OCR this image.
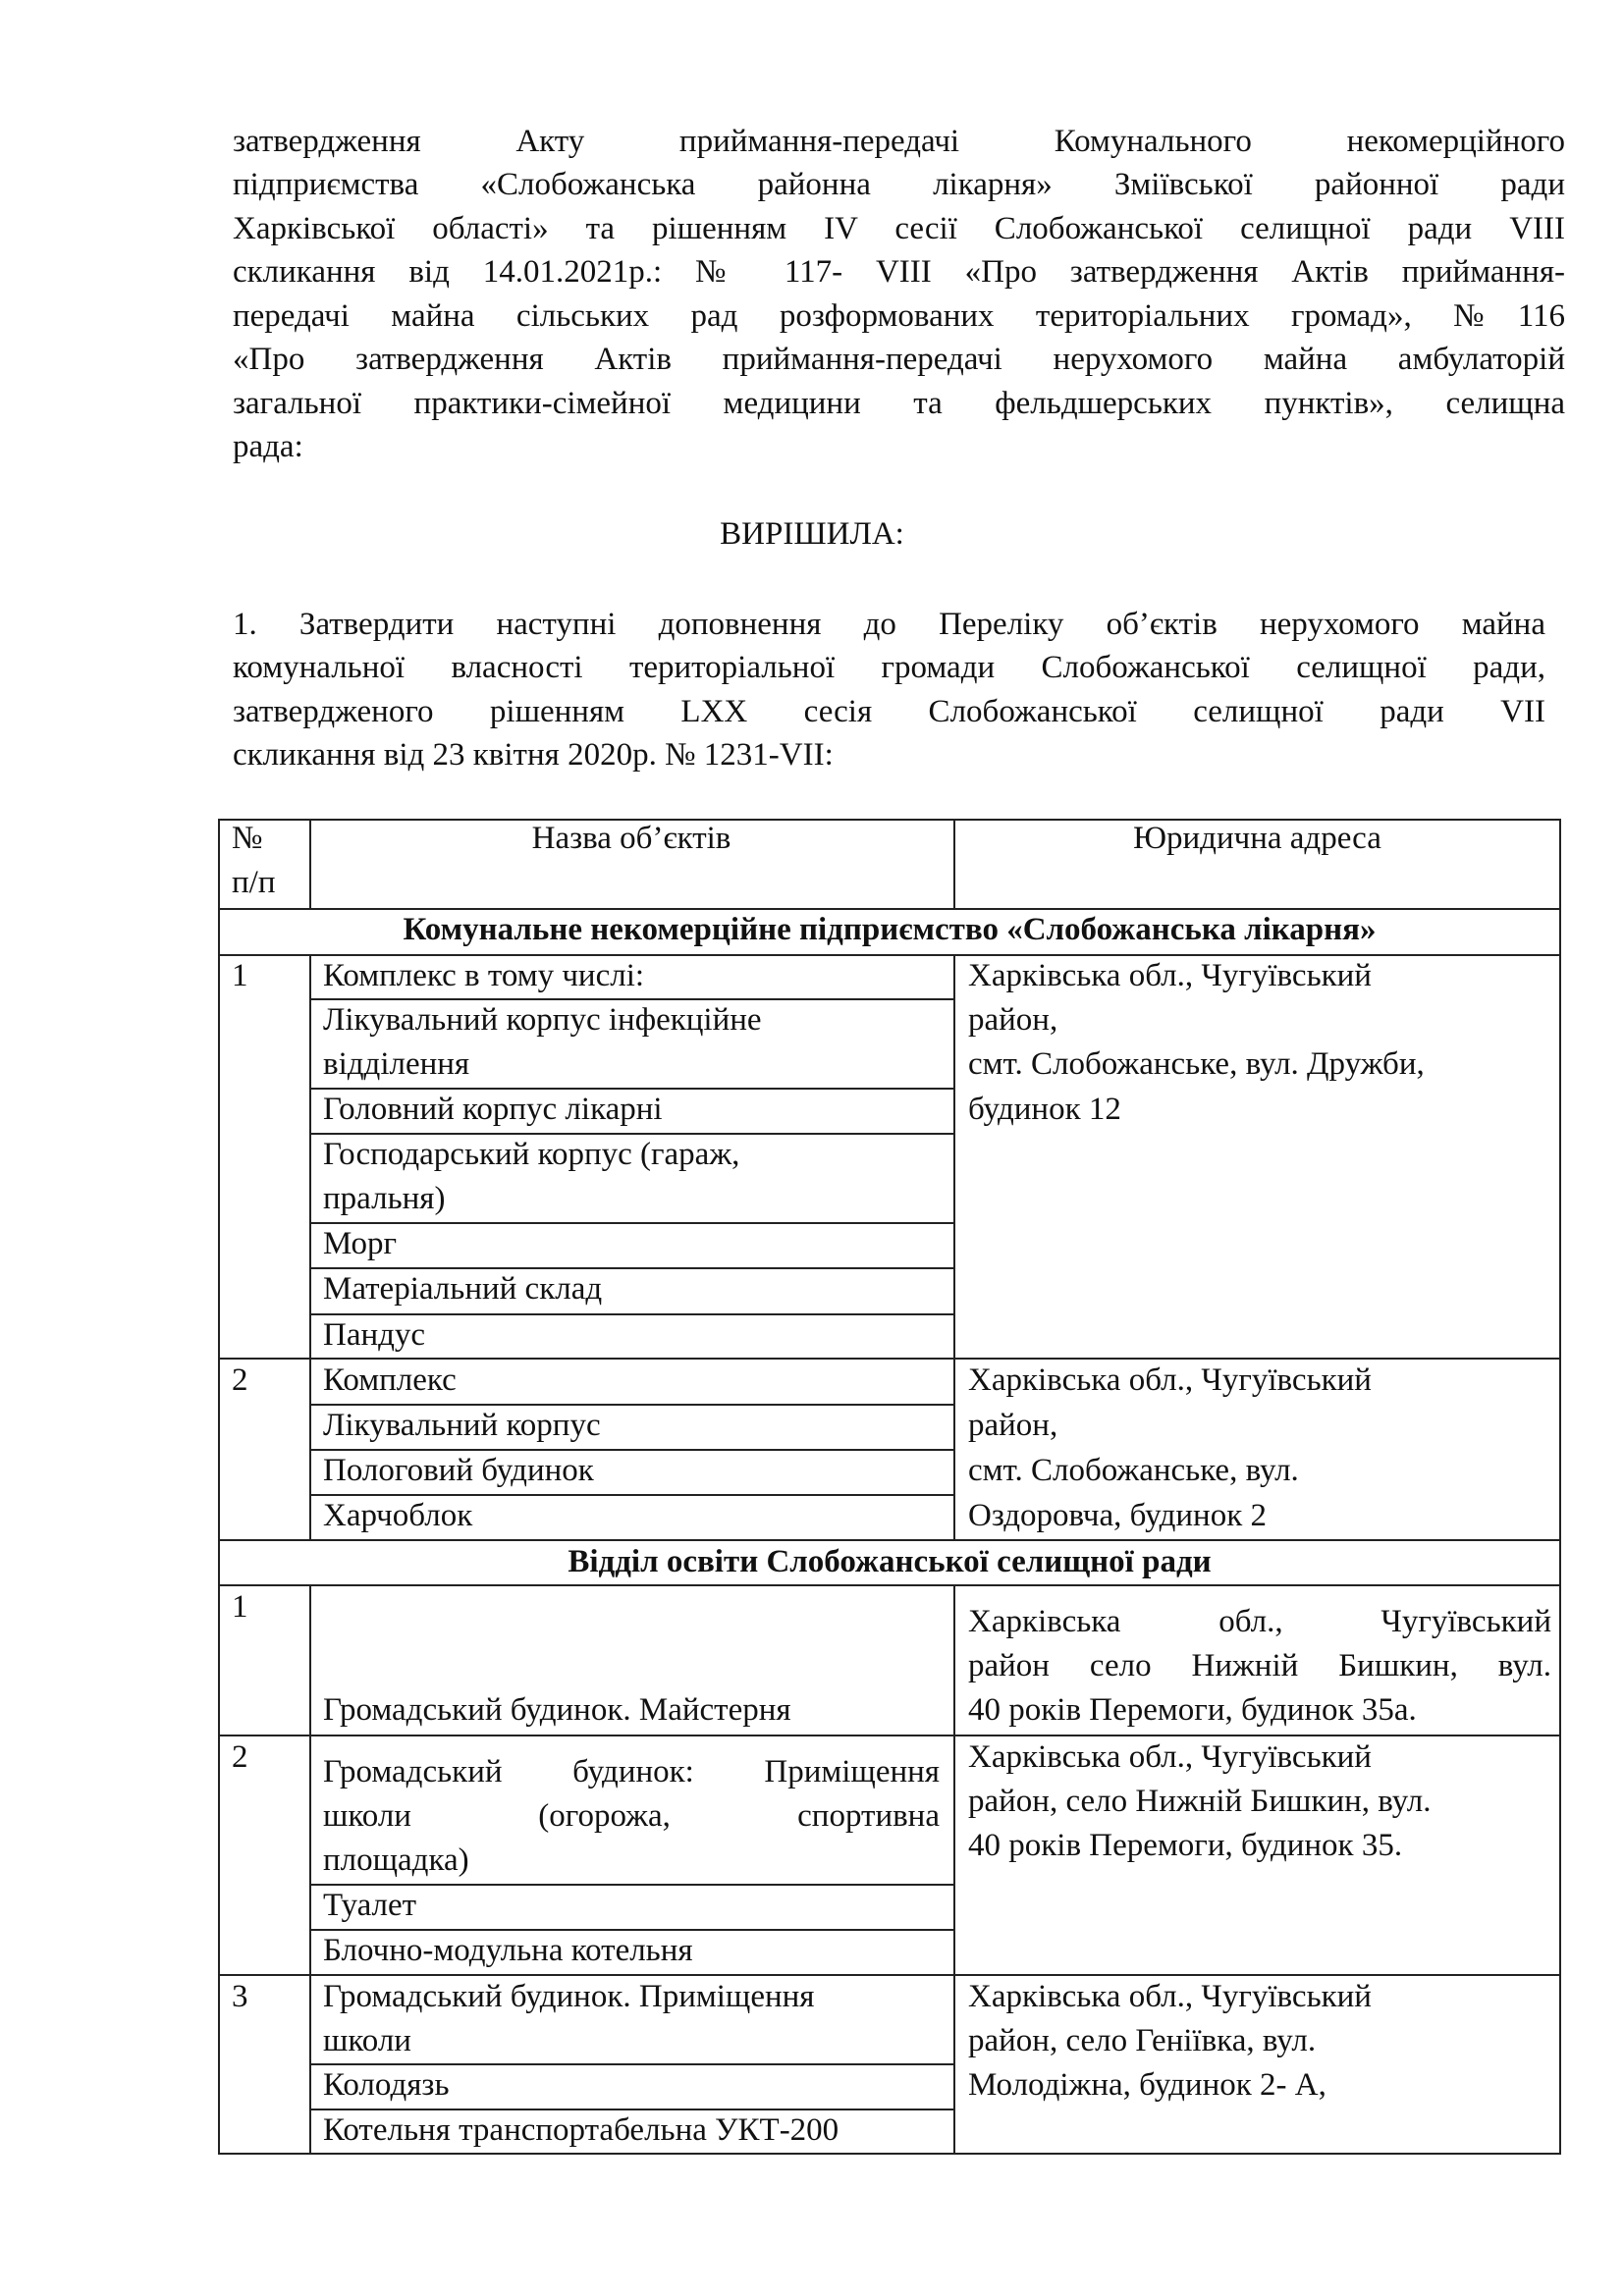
затвердження Акту приймання-передачі Комунального некомерційного
підприємства «Слобожанська районна лікарня» Зміївської районної ради
Харківської області» та рішенням IV сесії Слобожанської селищної ради VIII
скликання від 14.01.2021р.: № 117- VIII «Про затвердження Актів приймання-
передачі майна сільських рад розформованих територіальних громад», №116
«Про затвердження Актів приймання-передачі нерухомого майна амбулаторій
загальної практики-сімейної медицини та фельдшерських пунктів», селищна
рада:
ВИРІШИЛА:
1. Затвердити наступні доповнення до Переліку об’єктів нерухомого майна
комунальної власності територіальної громади Слобожанської селищної ради,
затвердженого рішенням LXX сесія Слобожанської селищної ради VII
скликання від 23 квітня 2020р. № 1231-VII:
№
п/п
Назва об’єктів	Юридична адреса
Комунальне некомерційне підприємство «Слобожанська лікарня»
1 Комплекс в тому числі:
Лікувальний корпус інфекційне
відділення
Головний корпус лікарні
Господарський корпус (гараж,
пральня)
Морг
Матеріальний склад
Пандус
Харківська обл., Чугуївський
район,
смт. Слобожанське, вул. Дружби,
будинок 12
2 Комплекс
Лікувальний корпус
Пологовий будинок
Харчоблок
Харківська обл., Чугуївський
район,
смт. Слобожанське, вул.
Оздоровча, будинок 2
Відділ освіти Слобожанської селищної ради
1
Громадський будинок. Майстерня
Харківська обл., Чугуївський
район село Нижній Бишкин, вул.
40 років Перемоги, будинок 35а.
2 Громадський будинок: Приміщення
школи (огорожа, спортивна
площадка)
Туалет
Блочно-модульна котельня
Харківська обл., Чугуївський
район, село Нижній Бишкин, вул.
40 років Перемоги, будинок 35.
3 Громадський будинок. Приміщення
школи
Колодязь
Котельня транспортабельна УКТ-200
Харківська обл., Чугуївський
район, село Геніївка, вул.
Молодіжна, будинок 2- А,
